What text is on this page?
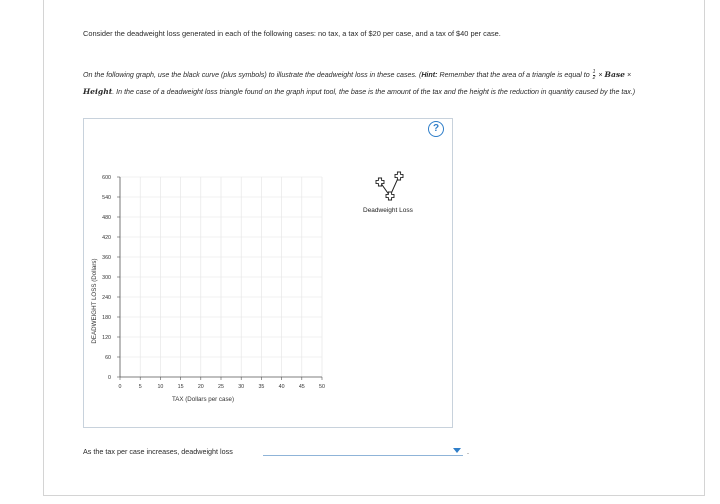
Consider the deadweight loss generated in each of the following cases: no tax, a tax of $20 per case, and a tax of $40 per case.
On the following graph, use the black curve (plus symbols) to illustrate the deadweight loss in these cases. (Hint: Remember that the area of a triangle is equal to $\frac{1}{2}$ × Base × Height. In the case of a deadweight loss triangle found on the graph input tool, the base is the amount of the tax and the height is the reduction in quantity caused by the tax.)
?
0	5	10	15	20	25	30	35	40	45	50
0
60
120
180
240
300
360
420
480
540
600
TAX (Dollars per case)
DEADWEIGHT LOSS (Dollars)
Deadweight Loss
As the tax per case increases, deadweight loss	.
